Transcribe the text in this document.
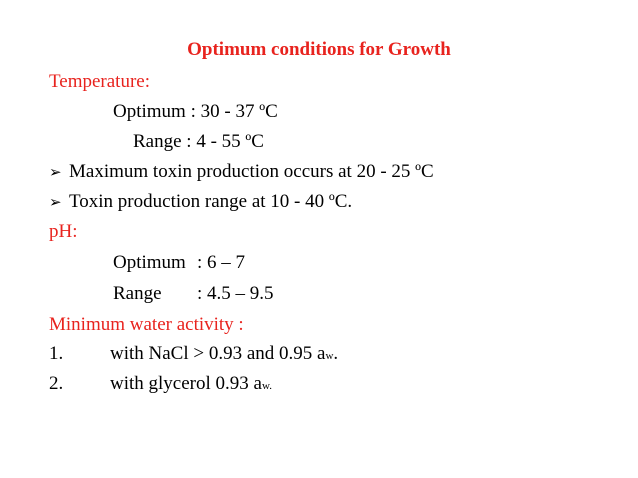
Optimum conditions for Growth
Temperature:
Optimum : 30 - 37 ºC
Range : 4 - 55 ºC
➢ Maximum toxin production occurs at 20 - 25 ºC
➢ Toxin production range at 10 - 40 ºC.
pH:
Optimum : 6 – 7
Range : 4.5 – 9.5
Minimum water activity :
1. with NaCl > 0.93 and 0.95 aw.
2. with glycerol 0.93 aw.
